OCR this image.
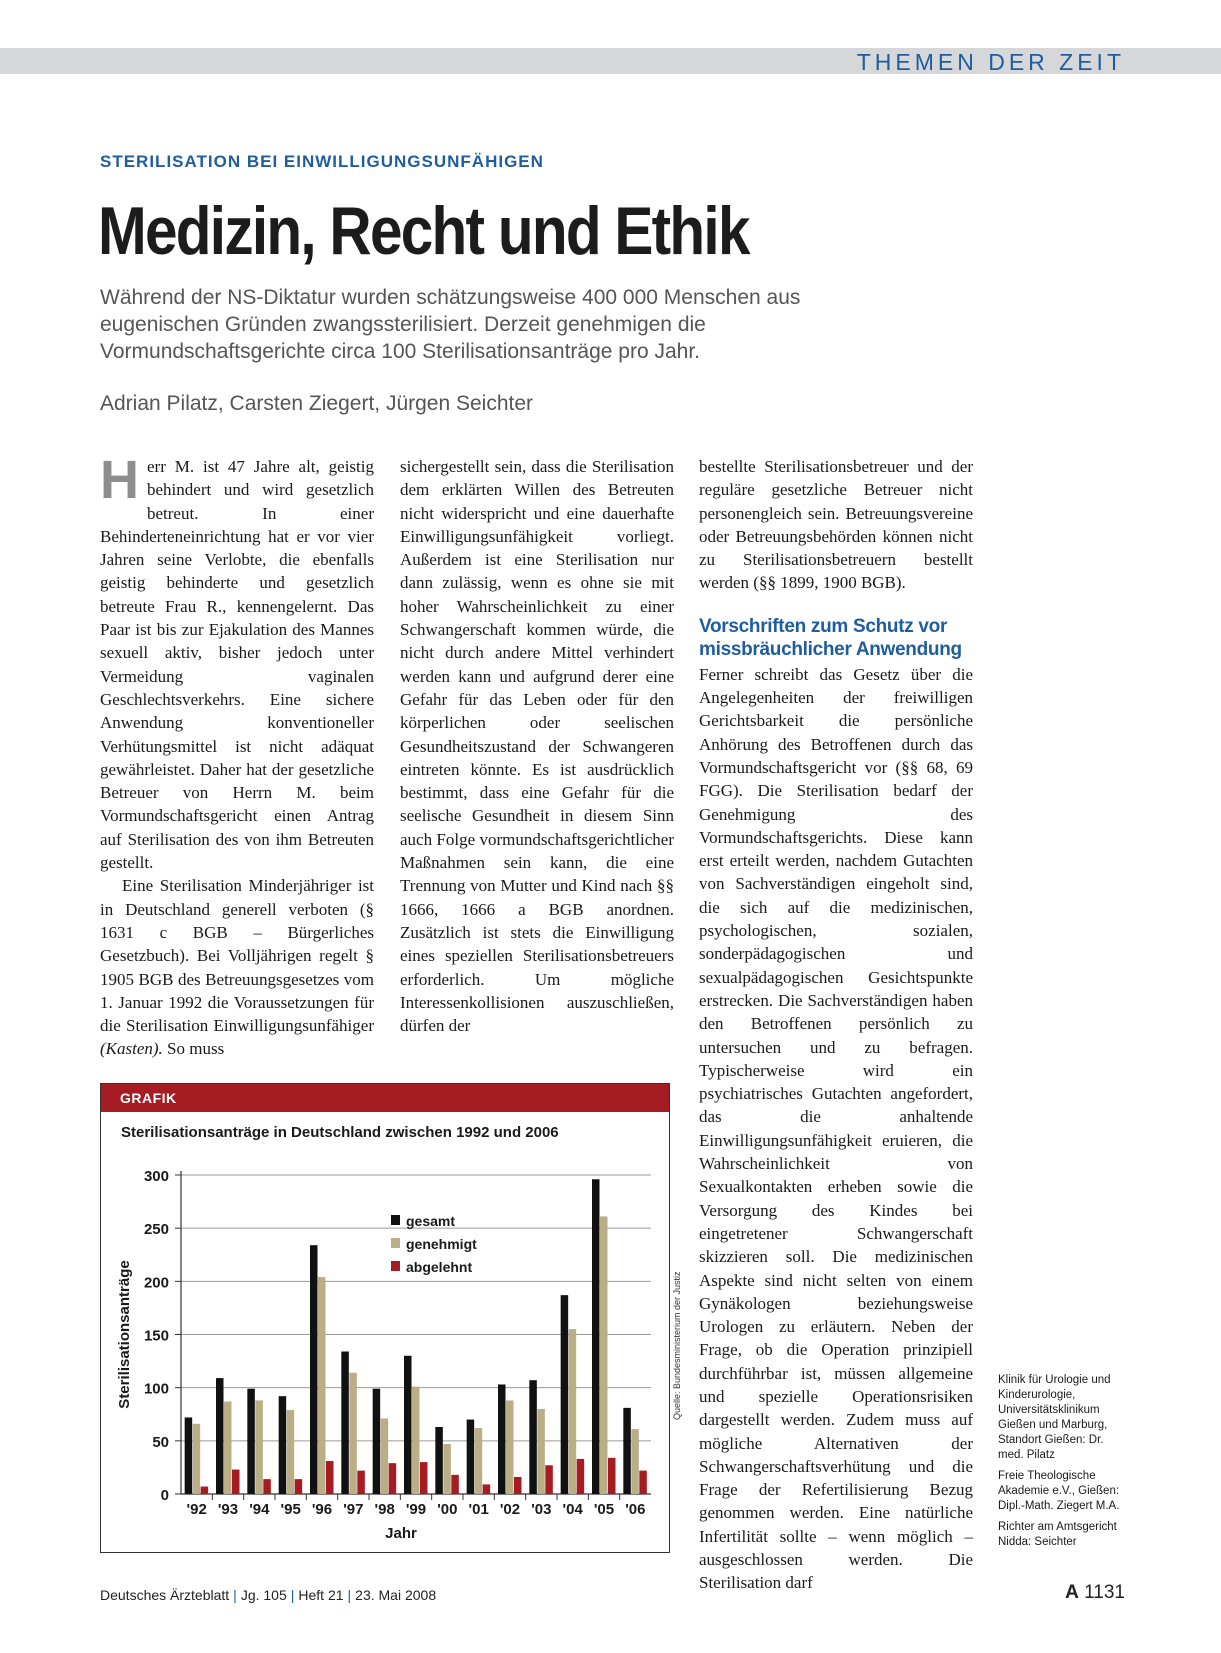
THEMEN DER ZEIT
STERILISATION BEI EINWILLIGUNGSUNFÄHIGEN
Medizin, Recht und Ethik
Während der NS-Diktatur wurden schätzungsweise 400 000 Menschen aus eugenischen Gründen zwangssterilisiert. Derzeit genehmigen die Vormundschaftsgerichte circa 100 Sterilisationsanträge pro Jahr.
Adrian Pilatz, Carsten Ziegert, Jürgen Seichter
H err M. ist 47 Jahre alt, geistig behindert und wird gesetzlich betreut. In einer Behinderteneinrichtung hat er vor vier Jahren seine Verlobte, die ebenfalls geistig behinderte und gesetzlich betreute Frau R., kennengelernt. Das Paar ist bis zur Ejakulation des Mannes sexuell aktiv, bisher jedoch unter Vermeidung vaginalen Geschlechtsverkehrs. Eine sichere Anwendung konventioneller Verhütungsmittel ist nicht adäquat gewährleistet. Daher hat der gesetzliche Betreuer von Herrn M. beim Vormundschaftsgericht einen Antrag auf Sterilisation des von ihm Betreuten gestellt.

Eine Sterilisation Minderjähriger ist in Deutschland generell verboten (§ 1631 c BGB – Bürgerliches Gesetzbuch). Bei Volljährigen regelt § 1905 BGB des Betreuungsgesetzes vom 1. Januar 1992 die Voraussetzungen für die Sterilisation Einwilligungsunfähiger (Kasten). So muss

sichergestellt sein, dass die Sterilisation dem erklärten Willen des Betreuten nicht widerspricht und eine dauerhafte Einwilligungsunfähigkeit vorliegt. Außerdem ist eine Sterilisation nur dann zulässig, wenn es ohne sie mit hoher Wahrscheinlichkeit zu einer Schwangerschaft kommen würde, die nicht durch andere Mittel verhindert werden kann und aufgrund derer eine Gefahr für das Leben oder für den körperlichen oder seelischen Gesundheitszustand der Schwangeren eintreten könnte. Es ist ausdrücklich bestimmt, dass eine Gefahr für die seelische Gesundheit in diesem Sinn auch Folge vormundschaftsgerichtlicher Maßnahmen sein kann, die eine Trennung von Mutter und Kind nach §§ 1666, 1666 a BGB anordnen. Zusätzlich ist stets die Einwilligung eines speziellen Sterilisationsbetreuers erforderlich. Um mögliche Interessenkollisionen auszuschließen, dürfen der

bestellte Sterilisationsbetreuer und der reguläre gesetzliche Betreuer nicht personengleich sein. Betreuungsvereine oder Betreuungsbehörden können nicht zu Sterilisationsbetreuern bestellt werden (§§ 1899, 1900 BGB).

Vorschriften zum Schutz vor missbräuchlicher Anwendung

Ferner schreibt das Gesetz über die Angelegenheiten der freiwilligen Gerichtsbarkeit die persönliche Anhörung des Betroffenen durch das Vormundschaftsgericht vor (§§ 68, 69 FGG). Die Sterilisation bedarf der Genehmigung des Vormundschaftsgerichts. Diese kann erst erteilt werden, nachdem Gutachten von Sachverständigen eingeholt sind, die sich auf die medizinischen, psychologischen, sozialen, sonderpädagogischen und sexualpädagogischen Gesichtspunkte erstrecken. Die Sachverständigen haben den Betroffenen persönlich zu untersuchen und zu befragen. Typischerweise wird ein psychiatrisches Gutachten angefordert, das die anhaltende Einwilligungsunfähigkeit eruieren, die Wahrscheinlichkeit von Sexualkontakten erheben sowie die Versorgung des Kindes bei eingetretener Schwangerschaft skizzieren soll. Die medizinischen Aspekte sind nicht selten von einem Gynäkologen beziehungsweise Urologen zu erläutern. Neben der Frage, ob die Operation prinzipiell durchführbar ist, müssen allgemeine und spezielle Operationsrisiken dargestellt werden. Zudem muss auf mögliche Alternativen der Schwangerschaftsverhütung und die Frage der Refertilisierung Bezug genommen werden. Eine natürliche Infertilität sollte – wenn möglich – ausgeschlossen werden. Die Sterilisation darf

Klinik für Urologie und Kinderurologie, Universitätsklinikum Gießen und Marburg, Standort Gießen: Dr. med. Pilatz

Freie Theologische Akademie e.V., Gießen: Dipl.-Math. Ziegert M.A.

Richter am Amtsgericht Nidda: Seichter

GRAFIK
Sterilisationsanträge in Deutschland zwischen 1992 und 2006
0
50
100
150
200
250
300
'92 '93 '94 '95 '96 '97 '98 '99 '00 '01 '02 '03 '04 '05 '06
Jahr
Sterilisationsanträge
gesamt
genehmigt
abgelehnt
Quelle: Bundesministerium der Justiz
Deutsches Ärzteblatt | Jg. 105 | Heft 21 | 23. Mai 2008	A 1131
